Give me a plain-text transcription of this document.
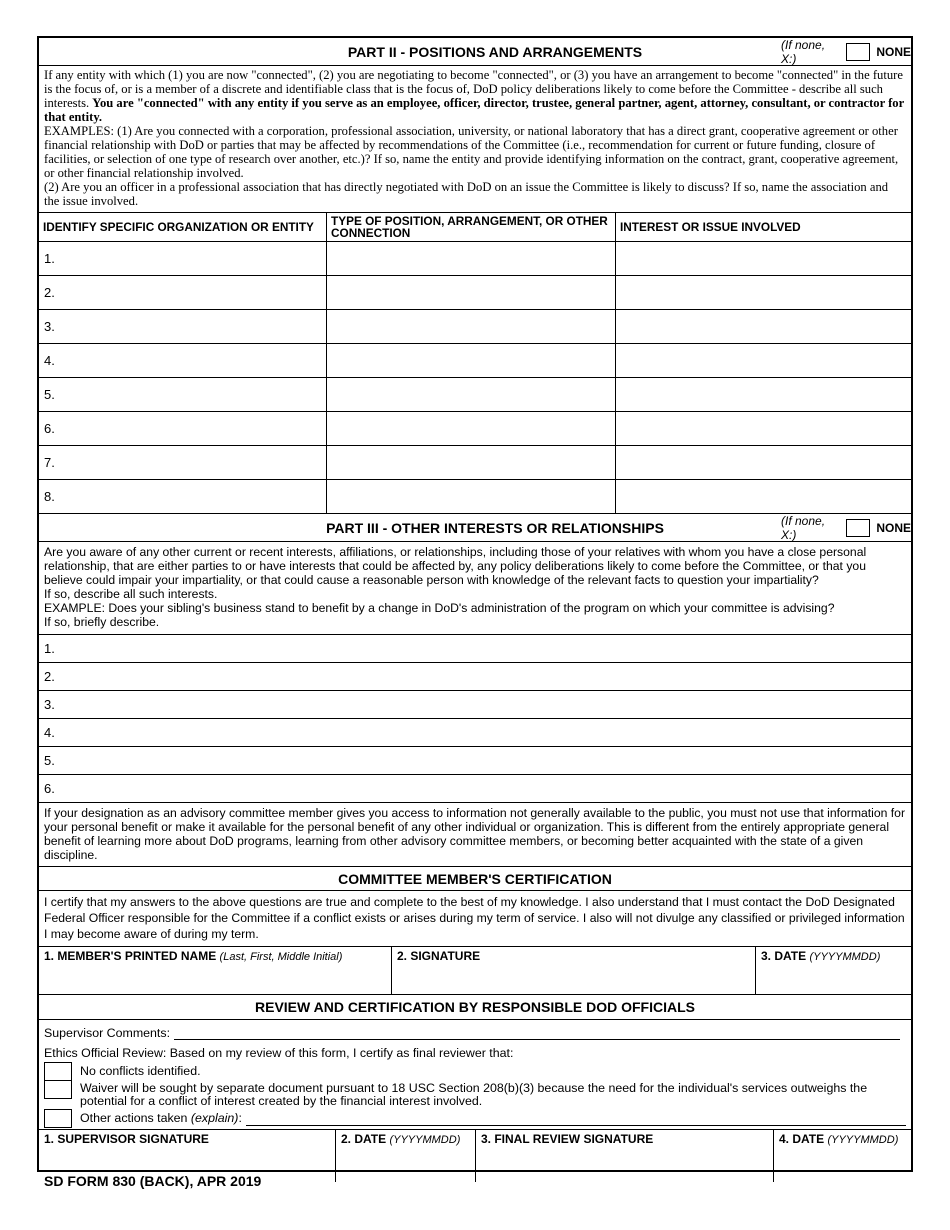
PART II - POSITIONS AND ARRANGEMENTS	(If none, X:)	NONE
If any entity with which (1) you are now "connected", (2) you are negotiating to become "connected", or (3) you have an arrangement to become "connected" in the future is the focus of, or is a member of a discrete and identifiable class that is the focus of, DoD policy deliberations likely to come before the Committee - describe all such interests. You are "connected" with any entity if you serve as an employee, officer, director, trustee, general partner, agent, attorney, consultant, or contractor for that entity.
EXAMPLES: (1) Are you connected with a corporation, professional association, university, or national laboratory that has a direct grant, cooperative agreement or other financial relationship with DoD or parties that may be affected by recommendations of the Committee (i.e., recommendation for current or future funding, closure of facilities, or selection of one type of research over another, etc.)? If so, name the entity and provide identifying information on the contract, grant, cooperative agreement, or other financial relationship involved.
(2) Are you an officer in a professional association that has directly negotiated with DoD on an issue the Committee is likely to discuss? If so, name the association and the issue involved.
IDENTIFY SPECIFIC ORGANIZATION OR ENTITY	TYPE OF POSITION, ARRANGEMENT, OR OTHER CONNECTION	INTEREST OR ISSUE INVOLVED
1.
2.
3.
4.
5.
6.
7.
8.
PART III - OTHER INTERESTS OR RELATIONSHIPS	(If none, X:)	NONE
Are you aware of any other current or recent interests, affiliations, or relationships, including those of your relatives with whom you have a close personal relationship, that are either parties to or have interests that could be affected by, any policy deliberations likely to come before the Committee, or that you believe could impair your impartiality, or that could cause a reasonable person with knowledge of the relevant facts to question your impartiality?
If so, describe all such interests.
EXAMPLE: Does your sibling's business stand to benefit by a change in DoD's administration of the program on which your committee is advising?
If so, briefly describe.
1.
2.
3.
4.
5.
6.
If your designation as an advisory committee member gives you access to information not generally available to the public, you must not use that information for your personal benefit or make it available for the personal benefit of any other individual or organization. This is different from the entirely appropriate general benefit of learning more about DoD programs, learning from other advisory committee members, or becoming better acquainted with the state of a given discipline.
COMMITTEE MEMBER'S CERTIFICATION
I certify that my answers to the above questions are true and complete to the best of my knowledge. I also understand that I must contact the DoD Designated Federal Officer responsible for the Committee if a conflict exists or arises during my term of service. I also will not divulge any classified or privileged information I may become aware of during my term.
1. MEMBER'S PRINTED NAME (Last, First, Middle Initial)	2. SIGNATURE	3. DATE (YYYYMMDD)
REVIEW AND CERTIFICATION BY RESPONSIBLE DOD OFFICIALS
Supervisor Comments:
Ethics Official Review: Based on my review of this form, I certify as final reviewer that:
No conflicts identified.
Waiver will be sought by separate document pursuant to 18 USC Section 208(b)(3) because the need for the individual's services outweighs the potential for a conflict of interest created by the financial interest involved.
Other actions taken (explain):
1. SUPERVISOR SIGNATURE	2. DATE (YYYYMMDD)	3. FINAL REVIEW SIGNATURE	4. DATE (YYYYMMDD)
SD FORM 830 (BACK), APR 2019
